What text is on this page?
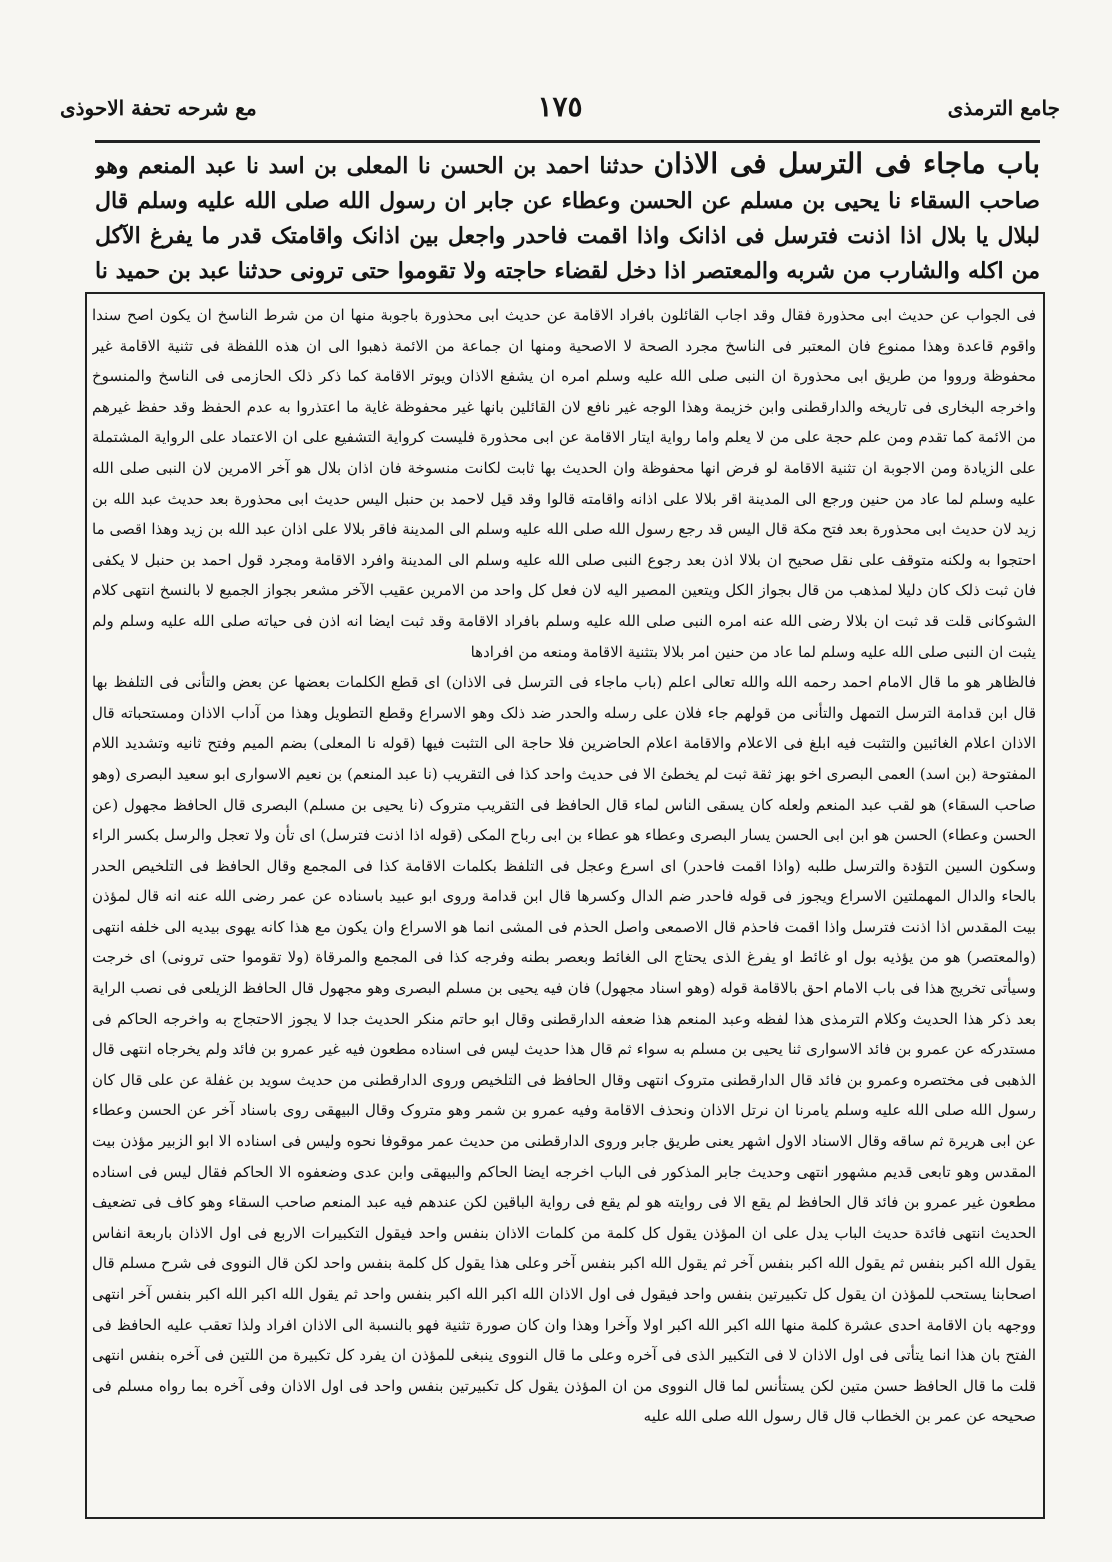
جامع الترمذی
١٧٥
مع شرحه تحفة الاحوذی
باب ماجاء فی الترسل فی الاذان حدثنا احمد بن الحسن نا المعلی بن اسد نا عبد المنعم وهو صاحب السقاء نا یحیی بن مسلم عن الحسن وعطاء عن جابر ان رسول الله صلی الله علیه وسلم قال لبلال یا بلال اذا اذنت فترسل فی اذانک واذا اقمت فاحدر واجعل بین اذانک واقامتک قدر ما یفرغ الآکل من اکله والشارب من شربه والمعتصر اذا دخل لقضاء حاجته ولا تقوموا حتی ترونی حدثنا عبد بن حمید نا

فی الجواب عن حدیث ابی محذورة فقال وقد اجاب القائلون بافراد الاقامة عن حدیث ابی محذورة باجوبة منها ان من شرط الناسخ ان یکون اصح سندا واقوم قاعدة وهذا ممنوع فان المعتبر فی الناسخ مجرد الصحة لا الاصحیة ومنها ان جماعة من الائمة ذهبوا الی ان هذه اللفظة فی تثنیة الاقامة غیر محفوظة ورووا من طریق ابی محذورة ان النبی صلی الله علیه وسلم امره ان یشفع الاذان ویوتر الاقامة کما ذکر ذلک الحازمی فی الناسخ والمنسوخ واخرجه البخاری فی تاریخه والدارقطنی وابن خزیمة وهذا الوجه غیر نافع لان القائلین بانها غیر محفوظة غایة ما اعتذروا به عدم الحفظ وقد حفظ غیرهم من الائمة کما تقدم ومن علم حجة علی من لا یعلم واما روایة ایتار الاقامة عن ابی محذورة فلیست کروایة التشفیع علی ان الاعتماد علی الروایة المشتملة علی الزیادة ومن الاجوبة ان تثنیة الاقامة لو فرض انها محفوظة وان الحدیث بها ثابت لکانت منسوخة فان اذان بلال هو آخر الامرین لان النبی صلی الله علیه وسلم لما عاد من حنین ورجع الی المدینة اقر بلالا علی اذانه واقامته قالوا وقد قیل لاحمد بن حنبل الیس حدیث ابی محذورة بعد حدیث عبد الله بن زید لان حدیث ابی محذورة بعد فتح مکة قال الیس قد رجع رسول الله صلی الله علیه وسلم الی المدینة فاقر بلالا علی اذان عبد الله بن زید وهذا اقصی ما احتجوا به ولکنه متوقف علی نقل صحیح ان بلالا اذن بعد رجوع النبی صلی الله علیه وسلم الی المدینة وافرد الاقامة ومجرد قول احمد بن حنبل لا یکفی فان ثبت ذلک کان دلیلا لمذهب من قال بجواز الکل ویتعین المصیر الیه لان فعل کل واحد من الامرین عقیب الآخر مشعر بجواز الجمیع لا بالنسخ انتهی کلام الشوکانی قلت قد ثبت ان بلالا رضی الله عنه امره النبی صلی الله علیه وسلم بافراد الاقامة وقد ثبت ایضا انه اذن فی حیاته صلی الله علیه وسلم ولم یثبت ان النبی صلی الله علیه وسلم لما عاد من حنین امر بلالا بتثنیة الاقامة ومنعه من افرادها

فالظاهر هو ما قال الامام احمد رحمه الله والله تعالی اعلم (باب ماجاء فی الترسل فی الاذان) ای قطع الکلمات بعضها عن بعض والتأنی فی التلفظ بها قال ابن قدامة الترسل التمهل والتأنی من قولهم جاء فلان علی رسله والحدر ضد ذلک وهو الاسراع وقطع التطویل وهذا من آداب الاذان ومستحباته قال الاذان اعلام الغائبین والتثبت فیه ابلغ فی الاعلام والاقامة اعلام الحاضرین فلا حاجة الی التثبت فیها (قوله نا المعلی) بضم المیم وفتح ثانیه وتشدید اللام المفتوحة (بن اسد) العمی البصری اخو بهز ثقة ثبت لم یخطئ الا فی حدیث واحد کذا فی التقریب (نا عبد المنعم) بن نعیم الاسواری ابو سعید البصری (وهو صاحب السقاء) هو لقب عبد المنعم ولعله کان یسقی الناس لماء قال الحافظ فی التقریب متروک (نا یحیی بن مسلم) البصری قال الحافظ مجهول (عن الحسن وعطاء) الحسن هو ابن ابی الحسن یسار البصری وعطاء هو عطاء بن ابی رباح المکی (قوله اذا اذنت فترسل) ای تأن ولا تعجل والرسل بکسر الراء وسکون السین التؤدة والترسل طلبه (واذا اقمت فاحدر) ای اسرع وعجل فی التلفظ بکلمات الاقامة کذا فی المجمع وقال الحافظ فی التلخیص الحدر بالحاء والدال المهملتین الاسراع ویجوز فی قوله فاحدر ضم الدال وکسرها قال ابن قدامة وروی ابو عبید باسناده عن عمر رضی الله عنه انه قال لمؤذن بیت المقدس اذا اذنت فترسل واذا اقمت فاحذم قال الاصمعی واصل الحذم فی المشی انما هو الاسراع وان یکون مع هذا کانه یهوی بیدیه الی خلفه انتهی (والمعتصر) هو من یؤذیه بول او غائط او یفرغ الذی یحتاج الی الغائط وبعصر بطنه وفرجه کذا فی المجمع والمرقاة (ولا تقوموا حتی ترونی) ای خرجت وسیأتی تخریج هذا فی باب الامام احق بالاقامة قوله (وهو اسناد مجهول) فان فیه یحیی بن مسلم البصری وهو مجهول قال الحافظ الزیلعی فی نصب الرایة بعد ذکر هذا الحدیث وکلام الترمذی هذا لفظه وعبد المنعم هذا ضعفه الدارقطنی وقال ابو حاتم منکر الحدیث جدا لا یجوز الاحتجاج به واخرجه الحاکم فی مستدرکه عن عمرو بن فائد الاسواری ثنا یحیی بن مسلم به سواء ثم قال هذا حدیث لیس فی اسناده مطعون فیه غیر عمرو بن فائد ولم یخرجاه انتهی قال الذهبی فی مختصره وعمرو بن فائد قال الدارقطنی متروک انتهی وقال الحافظ فی التلخیص وروی الدارقطنی من حدیث سوید بن غفلة عن علی قال کان رسول الله صلی الله علیه وسلم یامرنا ان نرتل الاذان ونحذف الاقامة وفیه عمرو بن شمر وهو متروک وقال البیهقی روی باسناد آخر عن الحسن وعطاء عن ابی هریرة ثم ساقه وقال الاسناد الاول اشهر یعنی طریق جابر وروی الدارقطنی من حدیث عمر موقوفا نحوه ولیس فی اسناده الا ابو الزبیر مؤذن بیت المقدس وهو تابعی قدیم مشهور انتهی وحدیث جابر المذکور فی الباب اخرجه ایضا الحاکم والبیهقی وابن عدی وضعفوه الا الحاکم فقال لیس فی اسناده مطعون غیر عمرو بن فائد قال الحافظ لم یقع الا فی روایته هو لم یقع فی روایة الباقین لکن عندهم فیه عبد المنعم صاحب السقاء وهو کاف فی تضعیف الحدیث انتهی فائدة حدیث الباب یدل علی ان المؤذن یقول کل کلمة من کلمات الاذان بنفس واحد فیقول التکبیرات الاربع فی اول الاذان باربعة انفاس یقول الله اکبر بنفس ثم یقول الله اکبر بنفس آخر ثم یقول الله اکبر بنفس آخر وعلی هذا یقول کل کلمة بنفس واحد لکن قال النووی فی شرح مسلم قال اصحابنا یستحب للمؤذن ان یقول کل تکبیرتین بنفس واحد فیقول فی اول الاذان الله اکبر الله اکبر بنفس واحد ثم یقول الله اکبر الله اکبر بنفس آخر انتهی ووجهه بان الاقامة احدی عشرة کلمة منها الله اکبر الله اکبر اولا وآخرا وهذا وان کان صورة تثنیة فهو بالنسبة الی الاذان افراد ولذا تعقب علیه الحافظ فی الفتح بان هذا انما یتأتی فی اول الاذان لا فی التکبیر الذی فی آخره وعلی ما قال النووی ینبغی للمؤذن ان یفرد کل تکبیرة من اللتین فی آخره بنفس انتهی قلت ما قال الحافظ حسن متین لکن یستأنس لما قال النووی من ان المؤذن یقول کل تکبیرتین بنفس واحد فی اول الاذان وفی آخره بما رواه مسلم فی صحیحه عن عمر بن الخطاب قال قال رسول الله صلی الله علیه
